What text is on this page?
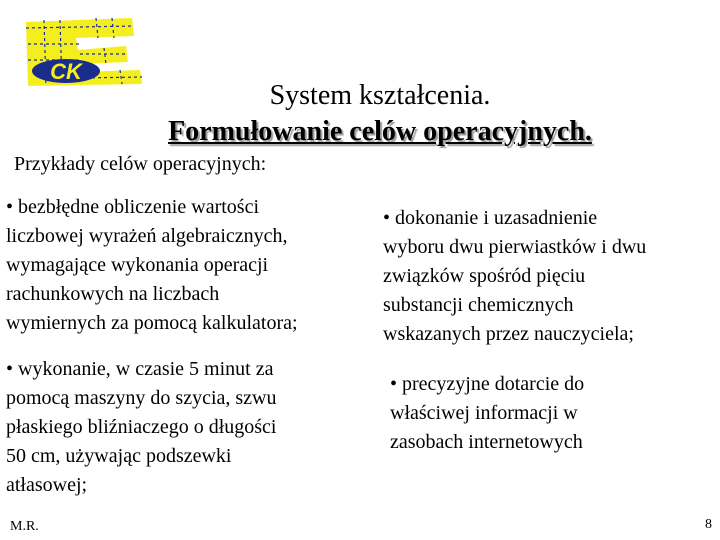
CK
System kształcenia.
Formułowanie celów operacyjnych.
Przykłady celów operacyjnych:
• bezbłędne obliczenie wartości
liczbowej wyrażeń algebraicznych,
wymagające wykonania operacji
rachunkowych na liczbach
wymiernych za pomocą kalkulatora;
• dokonanie i uzasadnienie
wyboru dwu pierwiastków i dwu
związków spośród pięciu
substancji chemicznych
wskazanych przez nauczyciela;
• wykonanie, w czasie 5 minut za
pomocą maszyny do szycia, szwu
płaskiego bliźniaczego o długości
50 cm, używając podszewki
atłasowej;
• precyzyjne dotarcie do
właściwej informacji w
zasobach internetowych
M.R.	8
